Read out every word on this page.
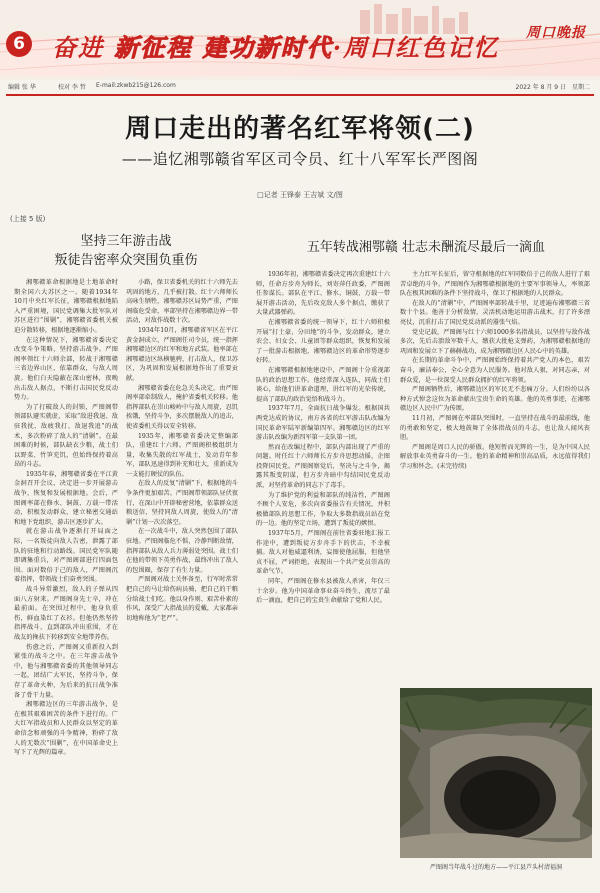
6 奋进 新征程 建功新时代·周口红色记忆 周口晚报
编辑 张 华	校对 李 哲 E-mail:zkwb215@126.com	2022 年 8 月 9 日　星期二
周口走出的著名红军将领(二)
——追忆湘鄂赣省军区司令员、红十八军军长严图阁
□记者 王锋泰 王吉斌 文/图
(上接 5 版)
坚持三年游击战
叛徒告密率众突围负重伤
五年转战湘鄂赣 壮志未酬流尽最后一滴血

湘鄂赣革命根据地是土地革命时期全国六大苏区之一。随着1934年10月中央红军长征，湘鄂赣根据地陷入严重困境，国民党调集大批军队对苏区进行“围剿”，湘鄂赣省委机关被迫分散转移，根据地逐渐缩小。

在这种情况下，湘鄂赣省委决定改变斗争策略，坚持游击战争。严图阁率领红十六师余部，转战于湘鄂赣三省边界山区，依靠群众，与敌人周旋。他们白天隐蔽在深山密林，夜晚出击敌人据点，不断打击国民党反动势力。

为了打破敌人的封锁，严图阁带领部队避实就虚，采取“敌进我退、敌驻我扰、敌疲我打、敌退我追”的战术，多次粉碎了敌人的“清剿”。在最困难的时候，部队缺衣少粮，战士们以野菜、竹笋充饥，但始终保持着高昂的斗志。

1935年春，湘鄂赣省委在平江黄金洞召开会议，决定进一步开展游击战争，恢复和发展根据地。会后，严图阁率部在修水、铜鼓、万载一带活动，积极发动群众，建立秘密交通站和地下党组织，游击区逐步扩大。

就在游击战争逐渐打开局面之际，一名叛徒向敌人告密，泄露了部队的驻地和行动路线。国民党军队随即调集重兵，对严图阁部进行四面包围。面对数倍于己的敌人，严图阁沉着指挥，带领战士们奋勇突围。

战斗异常激烈，敌人的子弹从四面八方射来。严图阁身先士卒，冲在最前面。在突围过程中，他身负重伤，鲜血染红了衣衫。但他仍然坚持指挥战斗，直到部队冲出重围，才在战友的搀扶下转移到安全地带养伤。

伤愈之后，严图阁又重新投入到紧张的战斗之中。在三年游击战争中，他与湘鄂赣省委的其他领导同志一起，团结广大军民，坚持斗争，保存了革命火种，为后来的抗日战争准备了骨干力量。

湘鄂赣边区的三年游击战争，是在极其艰难困苦的条件下进行的。广大红军指战员和人民群众以坚定的革命信念和顽强的斗争精神，粉碎了敌人的无数次“围剿”，在中国革命史上写下了光辉的篇章。

小路，保卫省委机关的红十六师先去巩固的地方，几乎被打散。红十六师师长高咏生牺牲，湘鄂赣苏区局势严重，严图阁临危受命，率部坚持在湘鄂赣边界一带活动，对敌作战数十次。

1934年10月，湘鄂赣省军区在平江黄金洞成立，严图阁任司令员，统一指挥湘鄂赣边区的红军和地方武装。他率部在湘鄂赣边区纵横驰骋，打击敌人，保卫苏区，为巩固和发展根据地作出了重要贡献。

湘鄂赣省委在危急关头决定，由严图阁率部牵制敌人，掩护省委机关转移。他指挥部队在崇山峻岭中与敌人周旋，忍饥挨饿，坚持斗争，多次摆脱敌人的追击，使省委机关得以安全转移。

1935年，湘鄂赣省委决定整编部队，重建红十六师。严图阁积极组织力量，收集失散的红军战士，发动青年参军，部队迅速得到补充和壮大，重新成为一支能打硬仗的队伍。

在敌人的反复“清剿”下，根据地的斗争条件更加艰苦。严图阁带领部队昼伏夜行，在深山中开辟秘密营地，依靠群众送粮送信，坚持同敌人周旋，使敌人的“清剿”计划一次次落空。

在一次战斗中，敌人突然包围了部队驻地。严图阁临危不惧，冷静判断敌情，指挥部队从敌人兵力薄弱处突围。战士们在他的带领下英勇作战，最终冲出了敌人的包围圈，保存了有生力量。

严图阁对战士关怀备至，行军时常常把自己的马让给伤病员骑，把自己的干粮分给战士们吃。他以身作则、艰苦朴素的作风，深受广大指战员的爱戴，大家都亲切地称他为“老严”。

1936年初，湘鄂赣省委决定再次重建红十六师，任命方步舟为师长，刘寄萍任政委，严图阁任参谋长。部队在平江、修水、铜鼓、万载一带展开游击活动，先后攻克敌人多个据点，缴获了大量武器弹药。

在湘鄂赣省委的统一领导下，红十六师积极开展“打土豪、分田地”的斗争，发动群众，建立农会、妇女会、儿童团等群众组织，恢复和发展了一批游击根据地，湘鄂赣边区的革命形势逐步好转。

在湘鄂赣根据地建设中，严图阁十分重视部队的政治思想工作。他经常深入连队，同战士们谈心，给他们讲革命道理，讲红军的光荣传统，提高了部队的政治觉悟和战斗力。

1937年7月，全面抗日战争爆发。根据国共两党达成的协议，南方各省的红军游击队改编为国民革命军陆军新编第四军。湘鄂赣边区的红军游击队改编为新四军第一支队第一团。

然而在改编过程中，部队内部出现了严重的问题。时任红十六师师长方步舟思想动摇，企图投降国民党。严图阁察觉后，坚决与之斗争，揭露其叛变阴谋，但方步舟暗中勾结国民党反动派，对坚持革命的同志下了毒手。

为了维护党的利益和部队的纯洁性，严图阁不顾个人安危，多次向省委报告有关情况，并积极做部队的思想工作，争取大多数指战员站在党的一边。他的坚定立场，遭到了叛徒的嫉恨。

1937年5月，严图阁在前往省委驻地汇报工作途中，遭到叛徒方步舟手下的伏击，不幸被捕。敌人对他威逼利诱，妄图使他屈服，但他坚贞不屈，严词拒绝，表现出一个共产党员崇高的革命气节。

同年，严图阁在修水县被敌人杀害，年仅三十余岁。他为中国革命事业奋斗终生，流尽了最后一滴血，把自己的宝贵生命献给了党和人民。

主力红军长征后，留守根据地的红军同数倍于己的敌人进行了艰苦卓绝的斗争。严图阁作为湘鄂赣根据地的主要军事领导人，率领部队在极其困难的条件下坚持战斗，保卫了根据地的人民群众。

在敌人的“清剿”中，严图阁率部转战千里，足迹遍布湘鄂赣三省数十个县。他善于分析敌情，灵活机动地运用游击战术，打了许多漂亮仗，沉重打击了国民党反动派的嚣张气焰。

党史记载，严图阁与红十六师1000多名指战员，以坚持与敌作战多次，先后击溃敌军数千人，缴获大批枪支弹药，为湘鄂赣根据地的巩固和发展立下了赫赫战功，成为湘鄂赣边区人民心中的英雄。

在长期的革命斗争中，严图阁始终保持着共产党人的本色，艰苦奋斗，廉洁奉公，全心全意为人民服务。他对敌人狠，对同志亲，对群众爱，是一位深受人民群众拥护的红军将领。

严图阁牺牲后，湘鄂赣边区的军民无不悲痛万分。人们纷纷以各种方式悼念这位为革命献出宝贵生命的英雄。他的英勇事迹，在湘鄂赣边区人民中广为传颂。

11月初，严图阁在率部队突围时，一直坚持在战斗的最前线，他的勇敢和坚定，极大地鼓舞了全体指战员的斗志，也让敌人闻风丧胆。

严图阁是周口人民的骄傲。他短暂而光辉的一生，是为中国人民解放事业英勇奋斗的一生。他的革命精神和崇高品质，永远值得我们学习和怀念。(未完待续)

严图阁当年战斗过的地方——平江县芦头村清福洞
